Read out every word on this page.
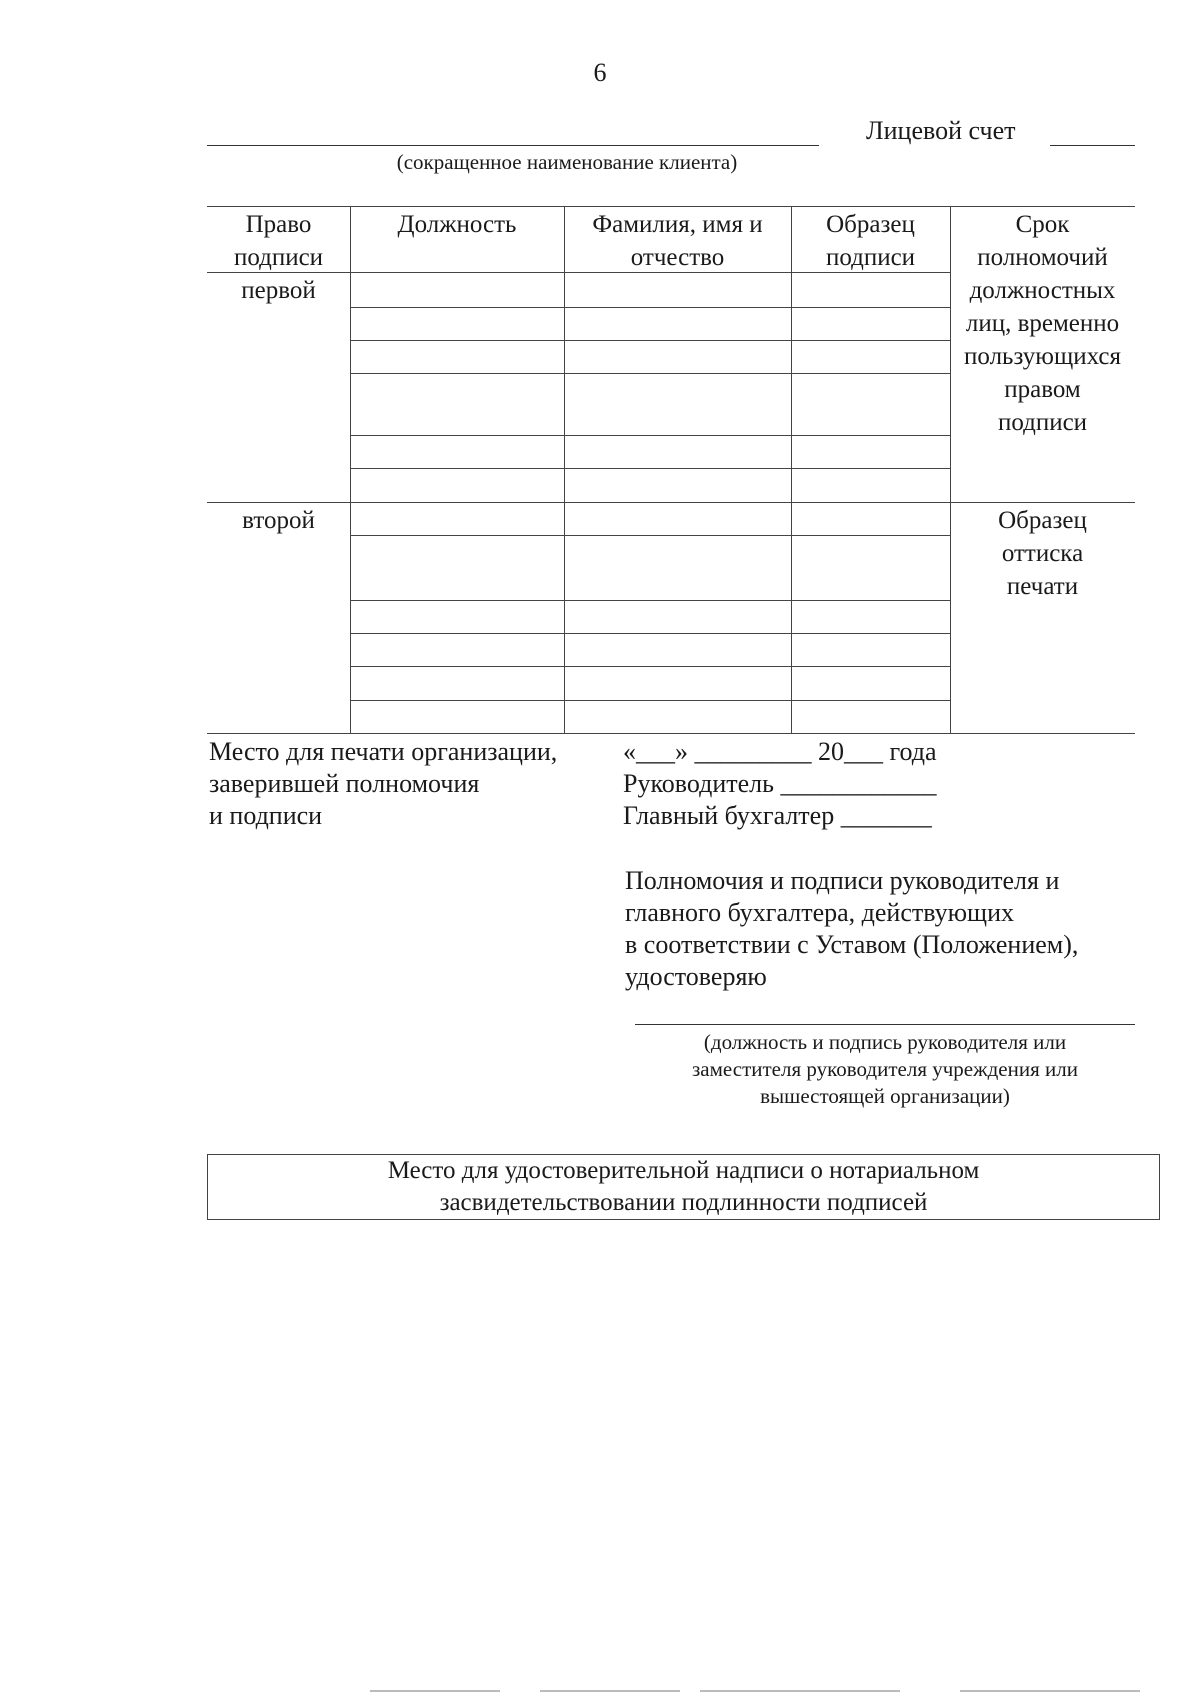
6
(сокращенное наименование клиента)
Лицевой счет
Право
подписи
Должность	Фамилия, имя и
отчество
Образец
подписи
Срок
полномочий
должностных
лиц, временно
пользующихся
правом
подписи
первой
второй	Образец
оттиска
печати
Место для печати организации,
заверившей полномочия
и подписи
«___» _________ 20___ года
Руководитель ____________
Главный бухгалтер _______
Полномочия и подписи руководителя и
главного бухгалтера, действующих
в соответствии с Уставом (Положением),
удостоверяю
(должность и подпись руководителя или
заместителя руководителя учреждения или
вышестоящей организации)
Место для удостоверительной надписи о нотариальном
засвидетельствовании подлинности подписей
